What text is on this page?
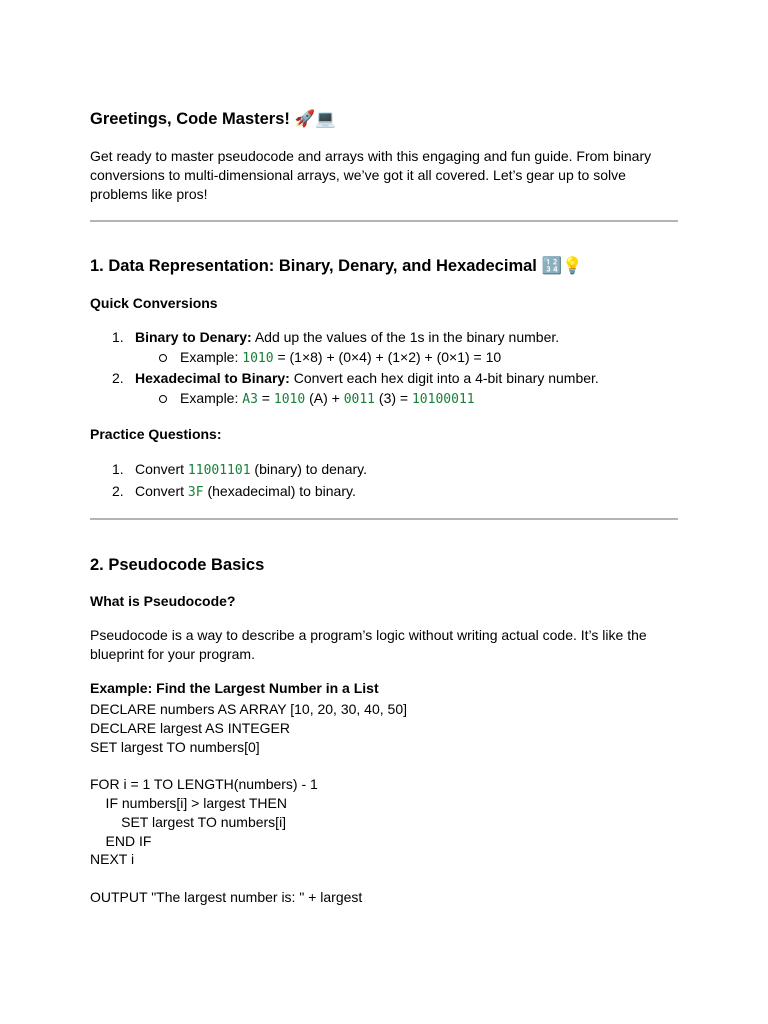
Greetings, Code Masters! 🚀💻
Get ready to master pseudocode and arrays with this engaging and fun guide. From binary conversions to multi-dimensional arrays, we’ve got it all covered. Let’s gear up to solve problems like pros!
1. Data Representation: Binary, Denary, and Hexadecimal 🔢💡
Quick Conversions
1. Binary to Denary: Add up the values of the 1s in the binary number.
Example: 1010 = (1×8) + (0×4) + (1×2) + (0×1) = 10
2. Hexadecimal to Binary: Convert each hex digit into a 4-bit binary number.
Example: A3 = 1010 (A) + 0011 (3) = 10100011
Practice Questions:
1. Convert 11001101 (binary) to denary.
2. Convert 3F (hexadecimal) to binary.
2. Pseudocode Basics
What is Pseudocode?
Pseudocode is a way to describe a program’s logic without writing actual code. It’s like the blueprint for your program.
Example: Find the Largest Number in a List
DECLARE numbers AS ARRAY [10, 20, 30, 40, 50]
DECLARE largest AS INTEGER
SET largest TO numbers[0]
FOR i = 1 TO LENGTH(numbers) - 1
IF numbers[i] > largest THEN
SET largest TO numbers[i]
END IF
NEXT i
OUTPUT "The largest number is: " + largest
